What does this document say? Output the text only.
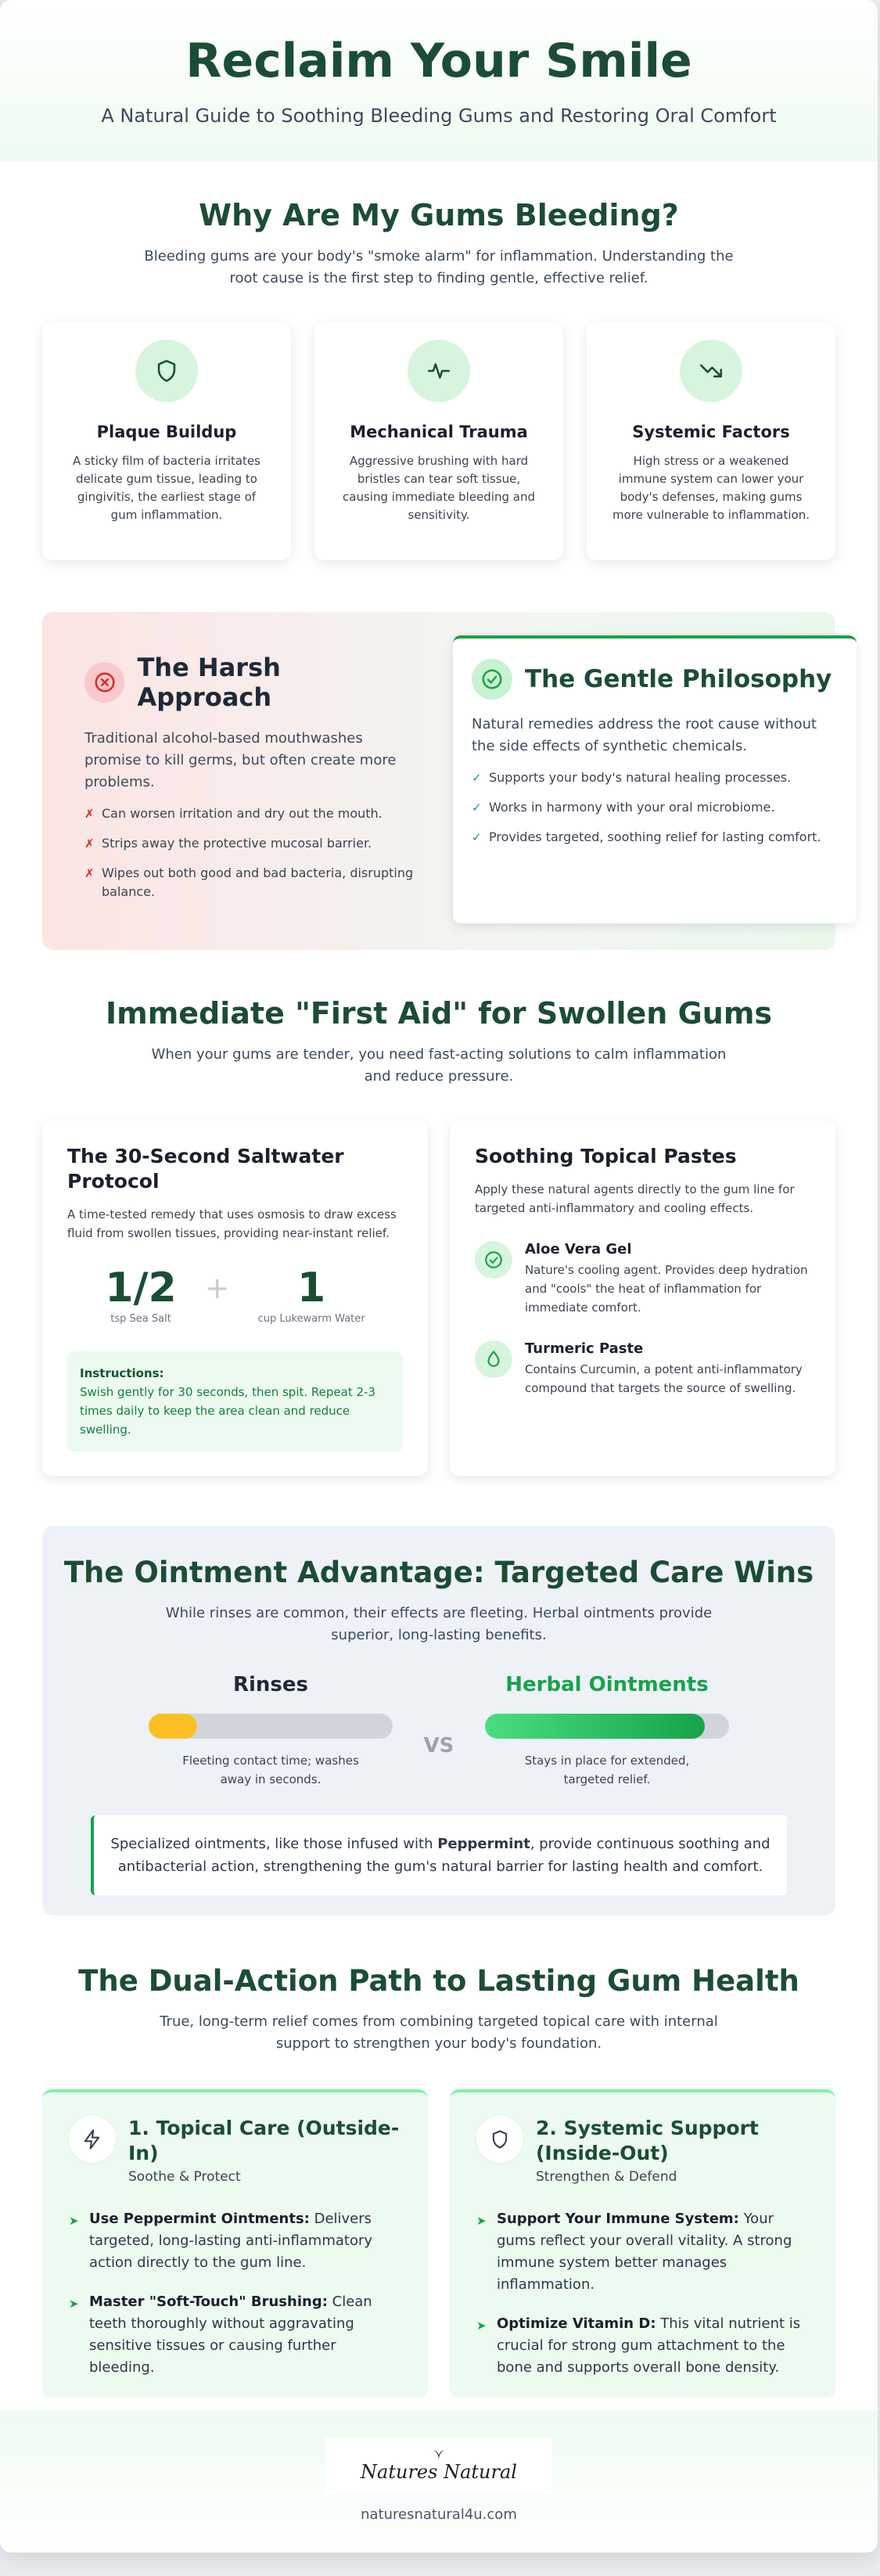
Reclaim Your Smile

A Natural Guide to Soothing Bleeding Gums and Restoring Oral Comfort

Why Are My Gums Bleeding?

Bleeding gums are your body's "smoke alarm" for inflammation. Understanding the root cause is the first step to finding gentle, effective relief.

Plaque Buildup

A sticky film of bacteria irritates delicate gum tissue, leading to gingivitis, the earliest stage of gum inflammation.

Mechanical Trauma

Aggressive brushing with hard bristles can tear soft tissue, causing immediate bleeding and sensitivity.

Systemic Factors

High stress or a weakened immune system can lower your body's defenses, making gums more vulnerable to inflammation.

The Harsh Approach

Traditional alcohol-based mouthwashes promise to kill germs, but often create more problems.

✗ Can worsen irritation and dry out the mouth.
✗ Strips away the protective mucosal barrier.
✗ Wipes out both good and bad bacteria, disrupting balance.
The Gentle Philosophy

Natural remedies address the root cause without the side effects of synthetic chemicals.

✓ Supports your body's natural healing processes.
✓ Works in harmony with your oral microbiome.
✓ Provides targeted, soothing relief for lasting comfort.
Immediate "First Aid" for Swollen Gums

When your gums are tender, you need fast-acting solutions to calm inflammation and reduce pressure.

The 30-Second Saltwater Protocol

A time-tested remedy that uses osmosis to draw excess fluid from swollen tissues, providing near-instant relief.

1/2
tsp Sea Salt
+	1
cup Lukewarm Water
Instructions:
Swish gently for 30 seconds, then spit. Repeat 2-3 times daily to keep the area clean and reduce swelling.
Soothing Topical Pastes

Apply these natural agents directly to the gum line for targeted anti-inflammatory and cooling effects.

Aloe Vera Gel

Nature's cooling agent. Provides deep hydration and "cools" the heat of inflammation for immediate comfort.

Turmeric Paste

Contains Curcumin, a potent anti-inflammatory compound that targets the source of swelling.

The Ointment Advantage: Targeted Care Wins

While rinses are common, their effects are fleeting. Herbal ointments provide superior, long-lasting benefits.

Rinses

Fleeting contact time; washes away in seconds.

VS
Herbal Ointments

Stays in place for extended, targeted relief.

Specialized ointments, like those infused with Peppermint, provide continuous soothing and antibacterial action, strengthening the gum's natural barrier for lasting health and comfort.
The Dual-Action Path to Lasting Gum Health

True, long-term relief comes from combining targeted topical care with internal support to strengthen your body's foundation.

1. Topical Care (Outside-In)
Soothe & Protect
➤ Use Peppermint Ointments: Delivers targeted, long-lasting anti-inflammatory action directly to the gum line.
➤ Master "Soft-Touch" Brushing: Clean teeth thoroughly without aggravating sensitive tissues or causing further bleeding.
2. Systemic Support (Inside-Out)
Strengthen & Defend
➤ Support Your Immune System: Your gums reflect your overall vitality. A strong immune system better manages inflammation.
➤ Optimize Vitamin D: This vital nutrient is crucial for strong gum attachment to the bone and supports overall bone density.
Natures Natural
naturesnatural4u.com
